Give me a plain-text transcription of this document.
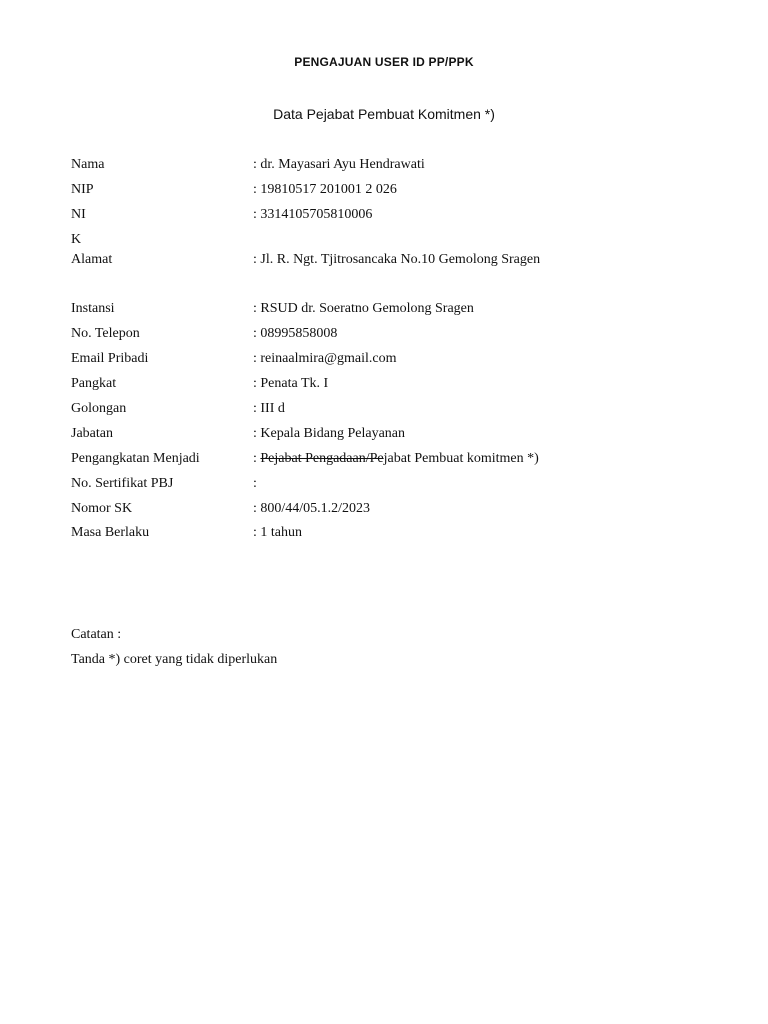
PENGAJUAN USER ID PP/PPK
Data Pejabat Pembuat Komitmen *)
Nama	: dr. Mayasari Ayu Hendrawati
NIP	: 19810517 201001 2 026
NI	: 3314105705810006
K
Alamat	: Jl. R. Ngt. Tjitrosancaka No.10 Gemolong Sragen
Instansi	: RSUD dr. Soeratno Gemolong Sragen
No. Telepon	: 08995858008
Email Pribadi	: reinaalmira@gmail.com
Pangkat	: Penata Tk. I
Golongan	: III d
Jabatan	: Kepala Bidang Pelayanan
Pengangkatan Menjadi	: Pejabat Pengadaan/Pejabat Pembuat komitmen *)
No. Sertifikat PBJ	:
Nomor SK	: 800/44/05.1.2/2023
Masa Berlaku	: 1 tahun
Catatan :
Tanda *) coret yang tidak diperlukan
